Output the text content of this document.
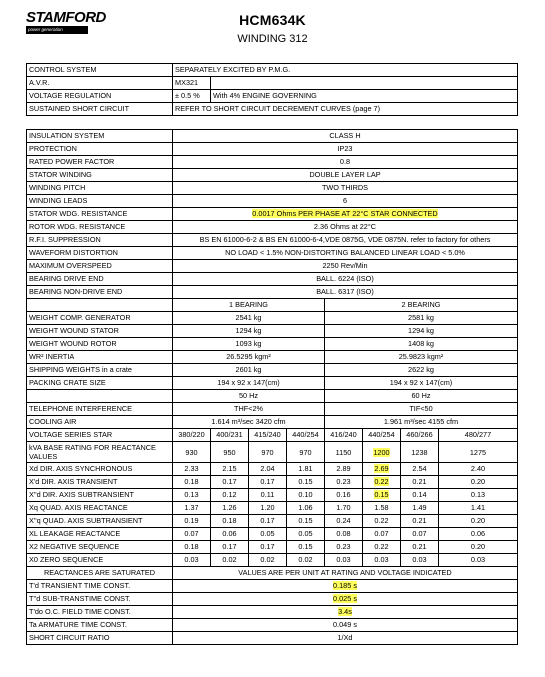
STAMFORD
power generation
HCM634K
WINDING 312
CONTROL SYSTEM	SEPARATELY EXCITED BY P.M.G.	
A.V.R.	MX321	
VOLTAGE REGULATION	± 0.5 %	With 4% ENGINE GOVERNING
SUSTAINED SHORT CIRCUIT	REFER TO SHORT CIRCUIT DECREMENT CURVES (page 7)	
INSULATION SYSTEM	CLASS H							
PROTECTION	IP23							
RATED POWER FACTOR	0.8							
STATOR WINDING	DOUBLE LAYER LAP							
WINDING PITCH	TWO THIRDS							
WINDING LEADS	6							
STATOR WDG. RESISTANCE	0.0017 Ohms PER PHASE AT 22°C STAR CONNECTED							
ROTOR WDG. RESISTANCE	2.36 Ohms at 22°C							
R.F.I. SUPPRESSION	BS EN 61000-6-2 & BS EN 61000-6-4,VDE 0875G, VDE 0875N. refer to factory for others							
WAVEFORM DISTORTION	NO LOAD < 1.5% NON-DISTORTING BALANCED LINEAR LOAD < 5.0%							
MAXIMUM OVERSPEED	2250 Rev/Min							
BEARING DRIVE END	BALL. 6224 (ISO)							
BEARING NON-DRIVE END	BALL. 6317 (ISO)							
	1 BEARING				2 BEARING			
WEIGHT COMP. GENERATOR	2541 kg				2581 kg			
WEIGHT WOUND STATOR	1294 kg				1294 kg			
WEIGHT WOUND ROTOR	1093 kg				1408 kg			
WR² INERTIA	26.5295 kgm²				25.9823 kgm²			
SHIPPING WEIGHTS in a crate	2601 kg				2622 kg			
PACKING CRATE SIZE	194 x 92 x 147(cm)				194 x 92 x 147(cm)			
	50 Hz				60 Hz			
TELEPHONE INTERFERENCE	THF<2%				TIF<50			
COOLING AIR	1.614 m³/sec 3420 cfm				1.961 m³/sec 4155 cfm			
VOLTAGE SERIES STAR	380/220	400/231	415/240	440/254	416/240	440/254	460/266	480/277
kVA BASE RATING FOR REACTANCE VALUES	930	950	970	970	1150	1200	1238	1275
Xd DIR. AXIS SYNCHRONOUS	2.33	2.15	2.04	1.81	2.89	2.69	2.54	2.40
X'd DIR. AXIS TRANSIENT	0.18	0.17	0.17	0.15	0.23	0.22	0.21	0.20
X''d DIR. AXIS SUBTRANSIENT	0.13	0.12	0.11	0.10	0.16	0.15	0.14	0.13
Xq QUAD. AXIS REACTANCE	1.37	1.26	1.20	1.06	1.70	1.58	1.49	1.41
X''q QUAD. AXIS SUBTRANSIENT	0.19	0.18	0.17	0.15	0.24	0.22	0.21	0.20
XL LEAKAGE REACTANCE	0.07	0.06	0.05	0.05	0.08	0.07	0.07	0.06
X2 NEGATIVE SEQUENCE	0.18	0.17	0.17	0.15	0.23	0.22	0.21	0.20
X0 ZERO SEQUENCE	0.03	0.02	0.02	0.02	0.03	0.03	0.03	0.03
REACTANCES ARE SATURATED	VALUES ARE PER UNIT AT RATING AND VOLTAGE INDICATED							
T'd TRANSIENT TIME CONST.	0.185 s							
T''d SUB-TRANSTIME CONST.	0.025 s							
T'do O.C. FIELD TIME CONST.	3.4s							
Ta ARMATURE TIME CONST.	0.049 s							
SHORT CIRCUIT RATIO	1/Xd							
